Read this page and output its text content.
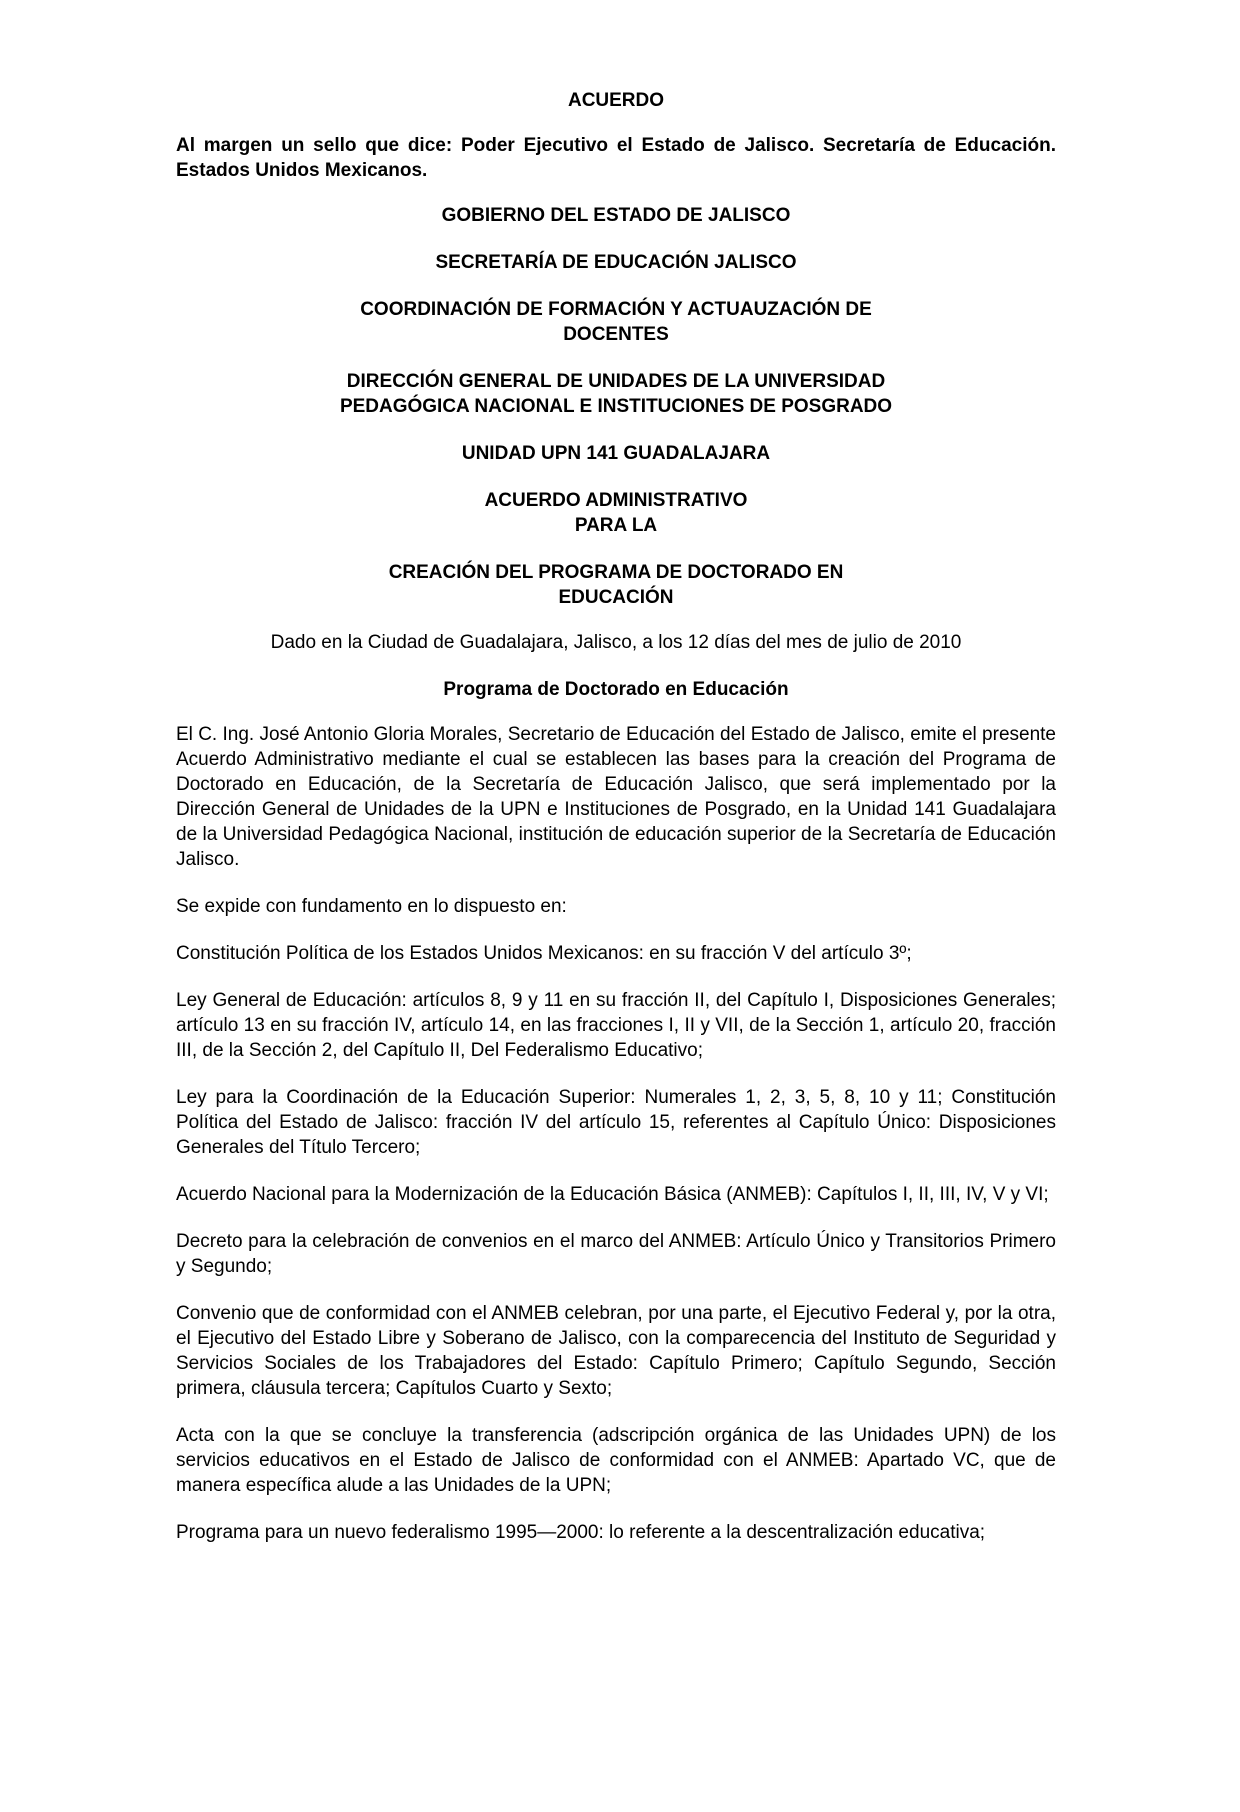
ACUERDO

Al margen un sello que dice: Poder Ejecutivo el Estado de Jalisco. Secretaría de Educación. Estados Unidos Mexicanos.

GOBIERNO DEL ESTADO DE JALISCO

SECRETARÍA DE EDUCACIÓN JALISCO

COORDINACIÓN DE FORMACIÓN Y ACTUAUZACIÓN DE
DOCENTES
DIRECCIÓN GENERAL DE UNIDADES DE LA UNIVERSIDAD
PEDAGÓGICA NACIONAL E INSTITUCIONES DE POSGRADO

UNIDAD UPN 141 GUADALAJARA

ACUERDO ADMINISTRATIVO
PARA LA
CREACIÓN DEL PROGRAMA DE DOCTORADO EN
EDUCACIÓN

Dado en la Ciudad de Guadalajara, Jalisco, a los 12 días del mes de julio de 2010

Programa de Doctorado en Educación

El C. Ing. José Antonio Gloria Morales, Secretario de Educación del Estado de Jalisco, emite el presente Acuerdo Administrativo mediante el cual se establecen las bases para la creación del Programa de Doctorado en Educación, de la Secretaría de Educación Jalisco, que será implementado por la Dirección General de Unidades de la UPN e Instituciones de Posgrado, en la Unidad 141 Guadalajara de la Universidad Pedagógica Nacional, institución de educación superior de la Secretaría de Educación Jalisco.

Se expide con fundamento en lo dispuesto en:

Constitución Política de los Estados Unidos Mexicanos: en su fracción V del artículo 3º;

Ley General de Educación: artículos 8, 9 y 11 en su fracción II, del Capítulo I, Disposiciones Generales; artículo 13 en su fracción IV, artículo 14, en las fracciones I, II y VII, de la Sección 1, artículo 20, fracción III, de la Sección 2, del Capítulo II, Del Federalismo Educativo;

Ley para la Coordinación de la Educación Superior: Numerales 1, 2, 3, 5, 8, 10 y 11; Constitución Política del Estado de Jalisco: fracción IV del artículo 15, referentes al Capítulo Único: Disposiciones Generales del Título Tercero;

Acuerdo Nacional para la Modernización de la Educación Básica (ANMEB): Capítulos I, II, III, IV, V y VI;

Decreto para la celebración de convenios en el marco del ANMEB: Artículo Único y Transitorios Primero y Segundo;

Convenio que de conformidad con el ANMEB celebran, por una parte, el Ejecutivo Federal y, por la otra, el Ejecutivo del Estado Libre y Soberano de Jalisco, con la comparecencia del Instituto de Seguridad y Servicios Sociales de los Trabajadores del Estado: Capítulo Primero; Capítulo Segundo, Sección primera, cláusula tercera; Capítulos Cuarto y Sexto;

Acta con la que se concluye la transferencia (adscripción orgánica de las Unidades UPN) de los servicios educativos en el Estado de Jalisco de conformidad con el ANMEB: Apartado VC, que de manera específica alude a las Unidades de la UPN;

Programa para un nuevo federalismo 1995—2000: lo referente a la descentralización educativa;
